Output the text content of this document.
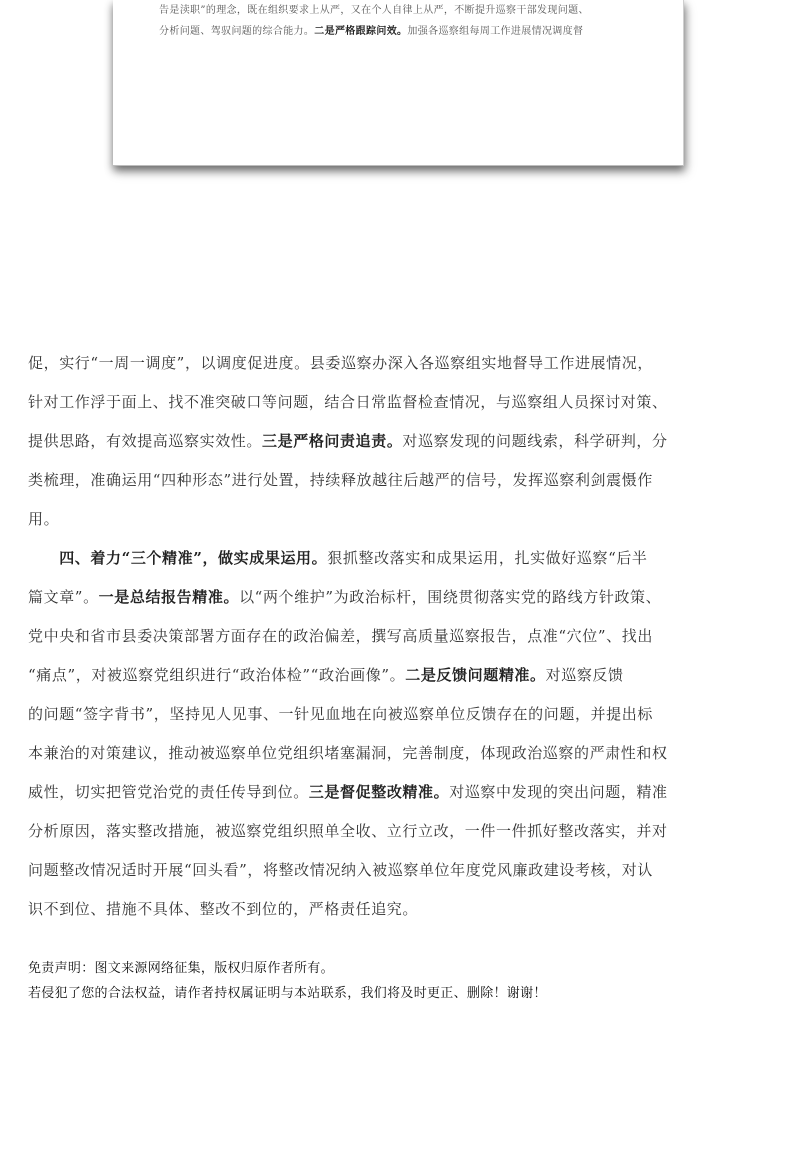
告是渎职”的理念，既在组织要求上从严，又在个人自律上从严，不断提升巡察干部发现问题、

分析问题、驾驭问题的综合能力。二是严格跟踪问效。加强各巡察组每周工作进展情况调度督

促，实行“一周一调度”，以调度促进度。县委巡察办深入各巡察组实地督导工作进展情况，

针对工作浮于面上、找不准突破口等问题，结合日常监督检查情况，与巡察组人员探讨对策、

提供思路，有效提高巡察实效性。三是严格问责追责。对巡察发现的问题线索，科学研判，分

类梳理，准确运用“四种形态”进行处置，持续释放越往后越严的信号，发挥巡察利剑震慑作

用。

　　四、着力“三个精准”，做实成果运用。狠抓整改落实和成果运用，扎实做好巡察“后半

篇文章”。一是总结报告精准。以“两个维护”为政治标杆，围绕贯彻落实党的路线方针政策、

党中央和省市县委决策部署方面存在的政治偏差，撰写高质量巡察报告，点准“穴位”、找出

“痛点”，对被巡察党组织进行“政治体检”“政治画像”。二是反馈问题精准。对巡察反馈

的问题“签字背书”，坚持见人见事、一针见血地在向被巡察单位反馈存在的问题，并提出标

本兼治的对策建议，推动被巡察单位党组织堵塞漏洞，完善制度，体现政治巡察的严肃性和权

威性，切实把管党治党的责任传导到位。三是督促整改精准。对巡察中发现的突出问题，精准

分析原因，落实整改措施，被巡察党组织照单全收、立行立改，一件一件抓好整改落实，并对

问题整改情况适时开展“回头看”，将整改情况纳入被巡察单位年度党风廉政建设考核，对认

识不到位、措施不具体、整改不到位的，严格责任追究。

免责声明：图文来源网络征集，版权归原作者所有。

若侵犯了您的合法权益，请作者持权属证明与本站联系，我们将及时更正、删除！谢谢！
